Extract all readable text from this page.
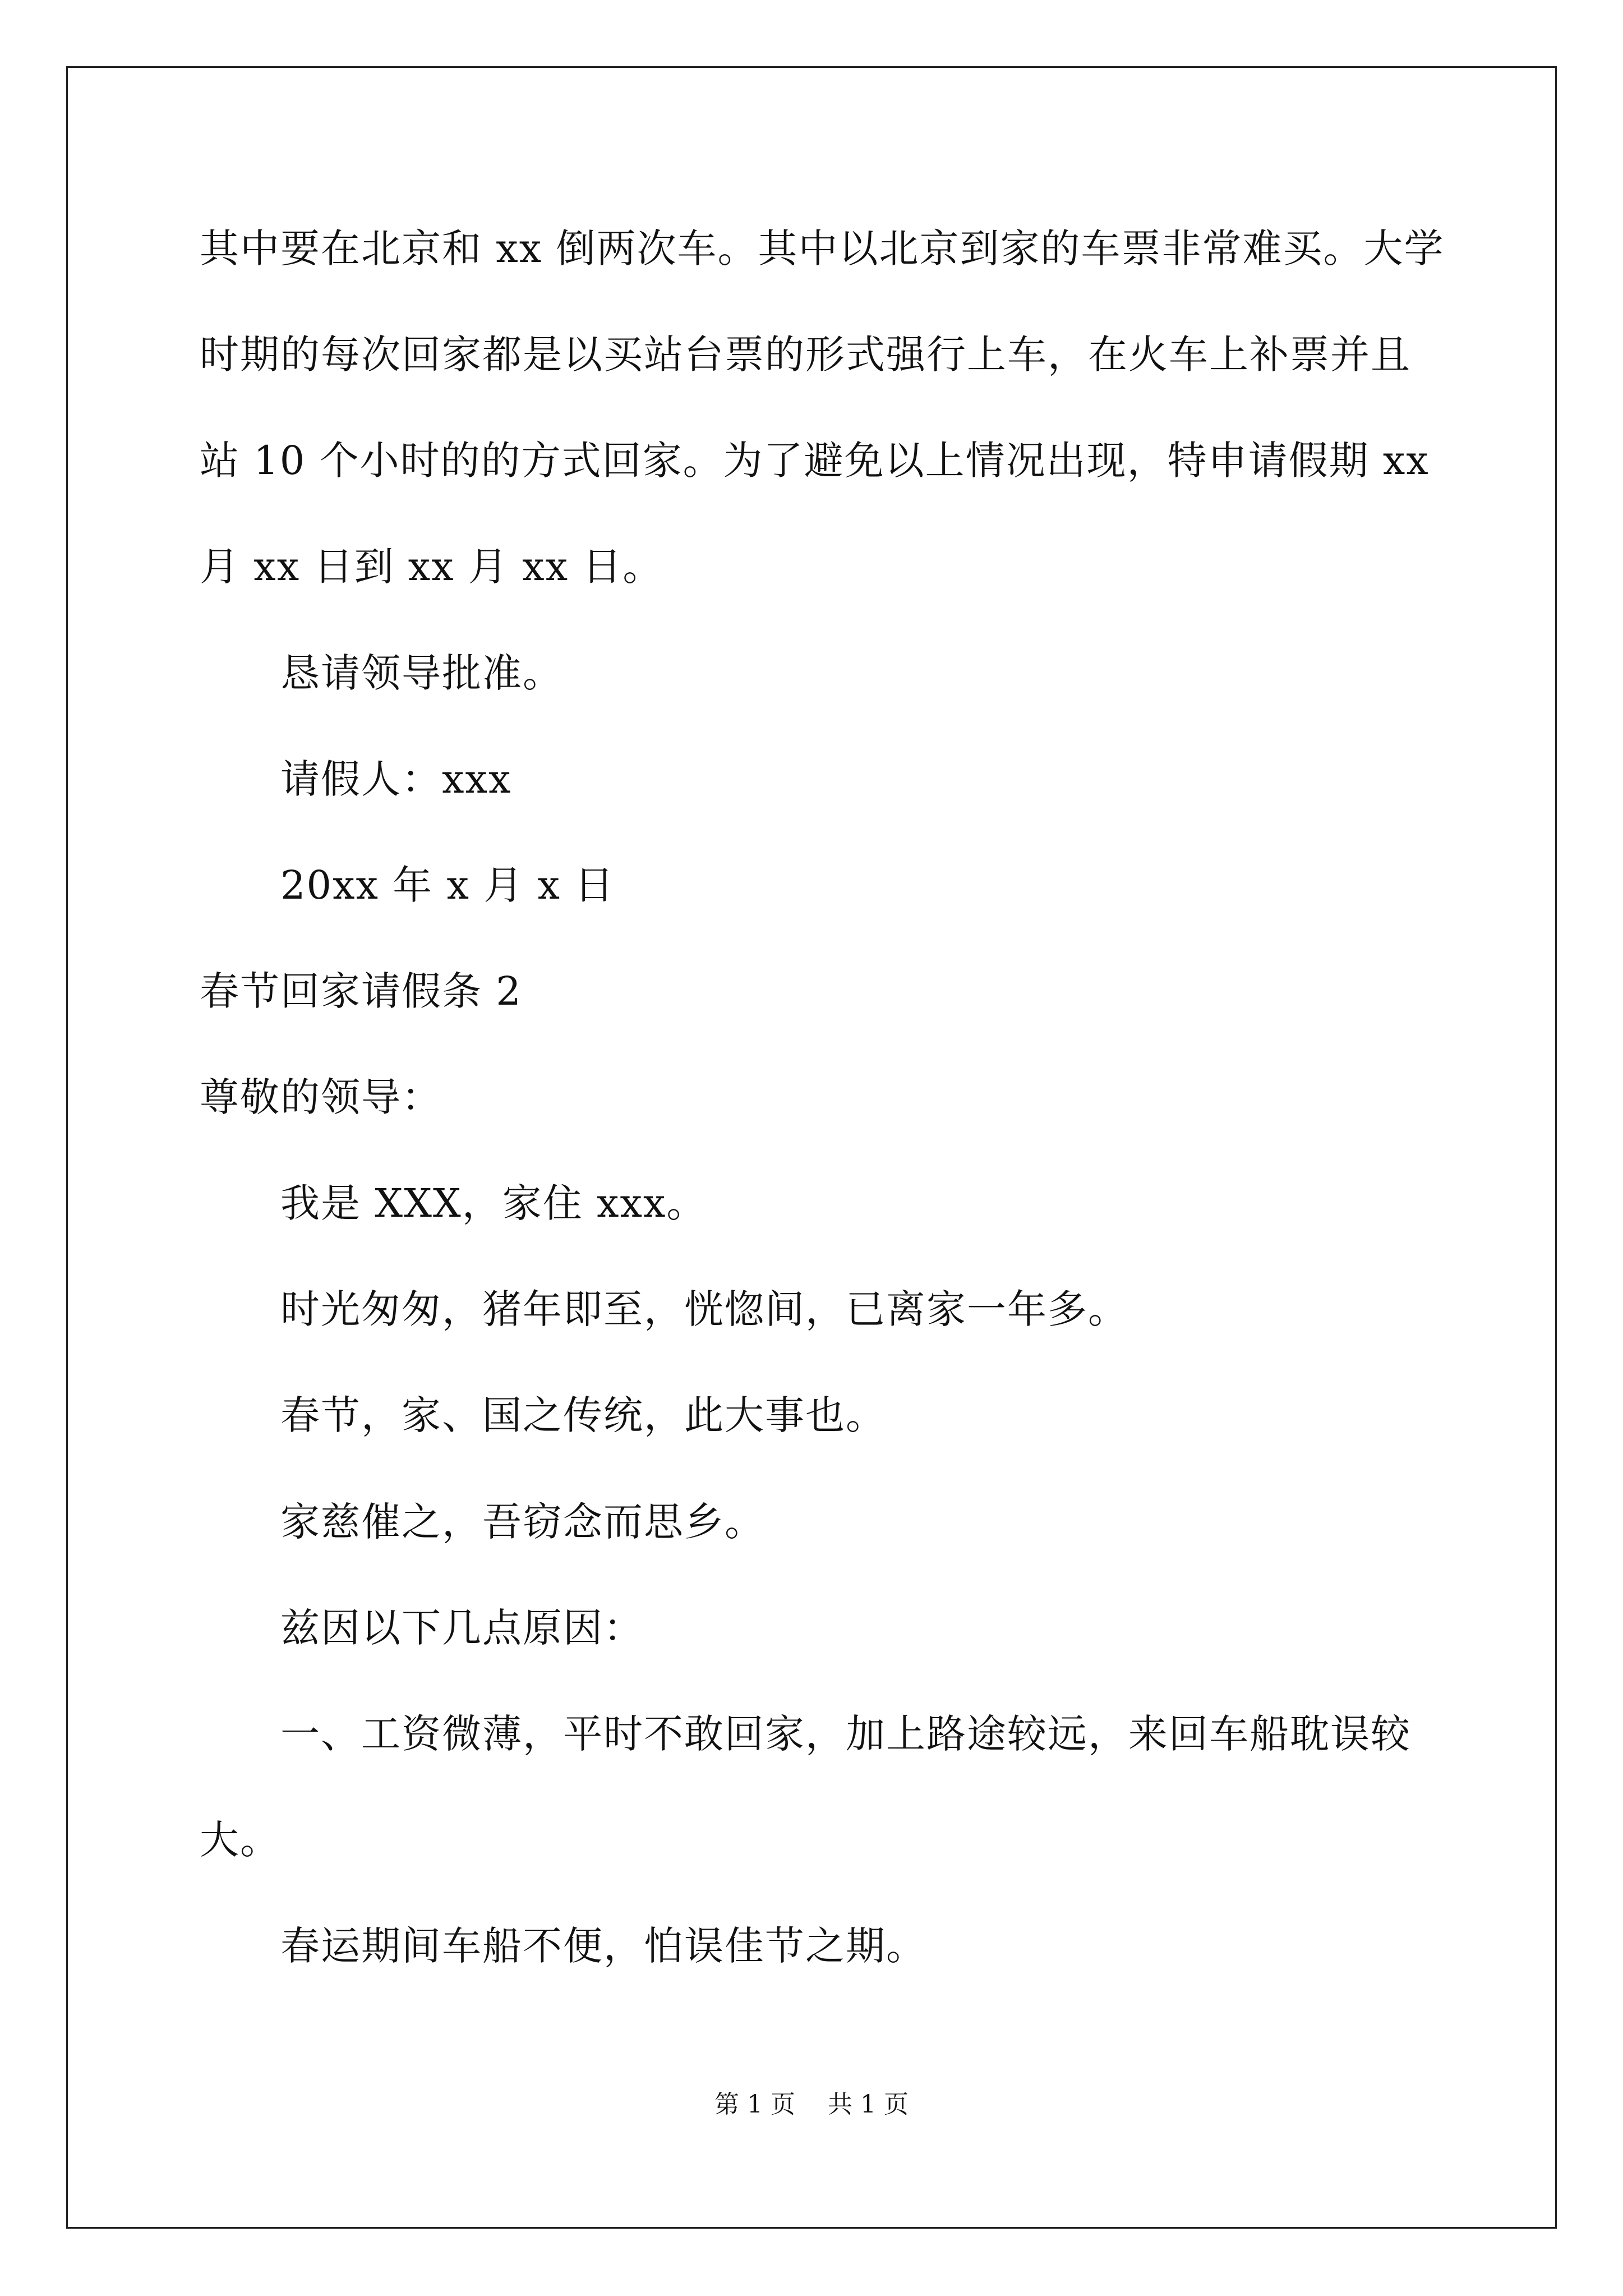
其中要在北京和 xx 倒两次车。其中以北京到家的车票非常难买。大学
时期的每次回家都是以买站台票的形式强行上车，在火车上补票并且
站 10 个小时的的方式回家。为了避免以上情况出现，特申请假期 xx
月 xx 日到 xx 月 xx 日。
恳请领导批准。
请假人：xxx
20xx 年 x 月 x 日
春节回家请假条 2
尊敬的领导：
我是 XXX，家住 xxx。
时光匆匆，猪年即至，恍惚间，已离家一年多。
春节，家、国之传统，此大事也。
家慈催之，吾窃念而思乡。
兹因以下几点原因：
一、工资微薄，平时不敢回家，加上路途较远，来回车船耽误较
大。
春运期间车船不便，怕误佳节之期。
第 1 页　 共 1 页
